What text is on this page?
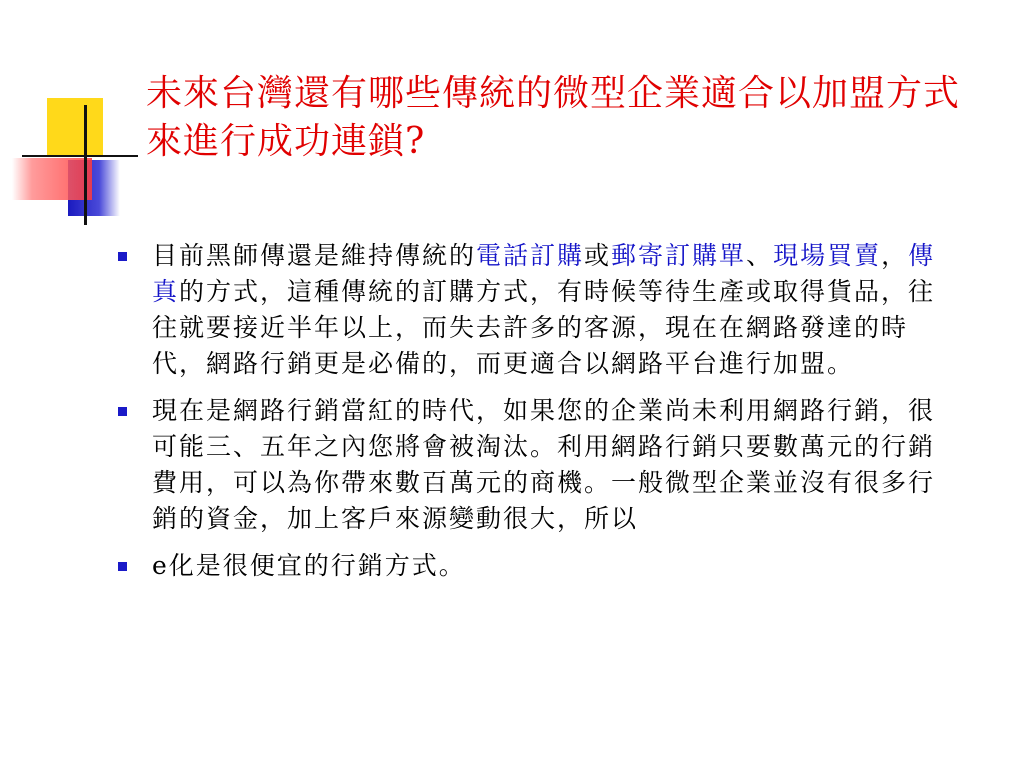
未來台灣還有哪些傳統的微型企業適合以加盟方式來進行成功連鎖?
目前黑師傳還是維持傳統的電話訂購或郵寄訂購單、現場買賣，傳真的方式，這種傳統的訂購方式，有時候等待生產或取得貨品，往往就要接近半年以上，而失去許多的客源，現在在網路發達的時代，網路行銷更是必備的，而更適合以網路平台進行加盟。
現在是網路行銷當紅的時代，如果您的企業尚未利用網路行銷，很可能三、五年之內您將會被淘汰。利用網路行銷只要數萬元的行銷費用，可以為你帶來數百萬元的商機。一般微型企業並沒有很多行銷的資金，加上客戶來源變動很大，所以
e化是很便宜的行銷方式。
